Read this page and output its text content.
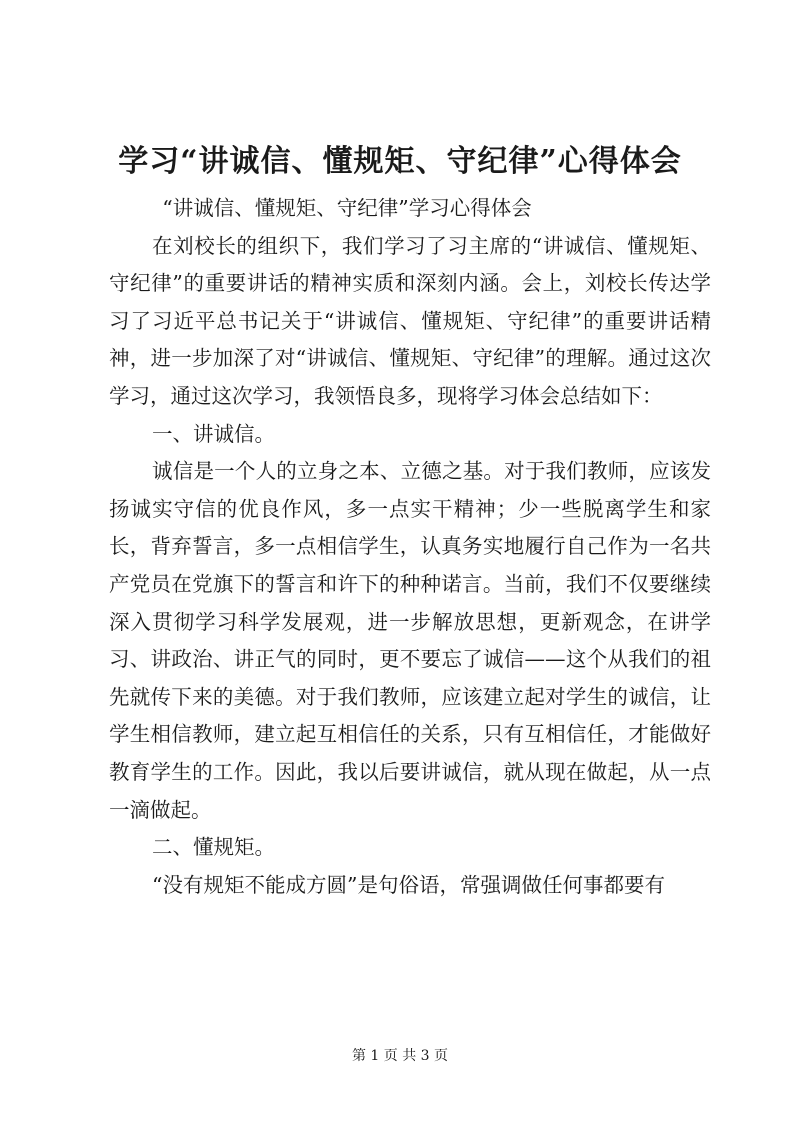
学习“讲诚信、懂规矩、守纪律”心得体会

“讲诚信、懂规矩、守纪律”学习心得体会

在刘校长的组织下，我们学习了习主席的“讲诚信、懂规矩、守纪律”的重要讲话的精神实质和深刻内涵。会上，刘校长传达学习了习近平总书记关于“讲诚信、懂规矩、守纪律”的重要讲话精神，进一步加深了对“讲诚信、懂规矩、守纪律”的理解。通过这次学习，通过这次学习，我领悟良多，现将学习体会总结如下：

一、讲诚信。

诚信是一个人的立身之本、立德之基。对于我们教师，应该发扬诚实守信的优良作风，多一点实干精神；少一些脱离学生和家长，背弃誓言，多一点相信学生，认真务实地履行自己作为一名共产党员在党旗下的誓言和许下的种种诺言。当前，我们不仅要继续深入贯彻学习科学发展观，进一步解放思想，更新观念，在讲学习、讲政治、讲正气的同时，更不要忘了诚信——这个从我们的祖先就传下来的美德。对于我们教师，应该建立起对学生的诚信，让学生相信教师，建立起互相信任的关系，只有互相信任，才能做好教育学生的工作。因此，我以后要讲诚信，就从现在做起，从一点一滴做起。

二、懂规矩。

“没有规矩不能成方圆”是句俗语，常强调做任何事都要有

第 1 页 共 3 页
